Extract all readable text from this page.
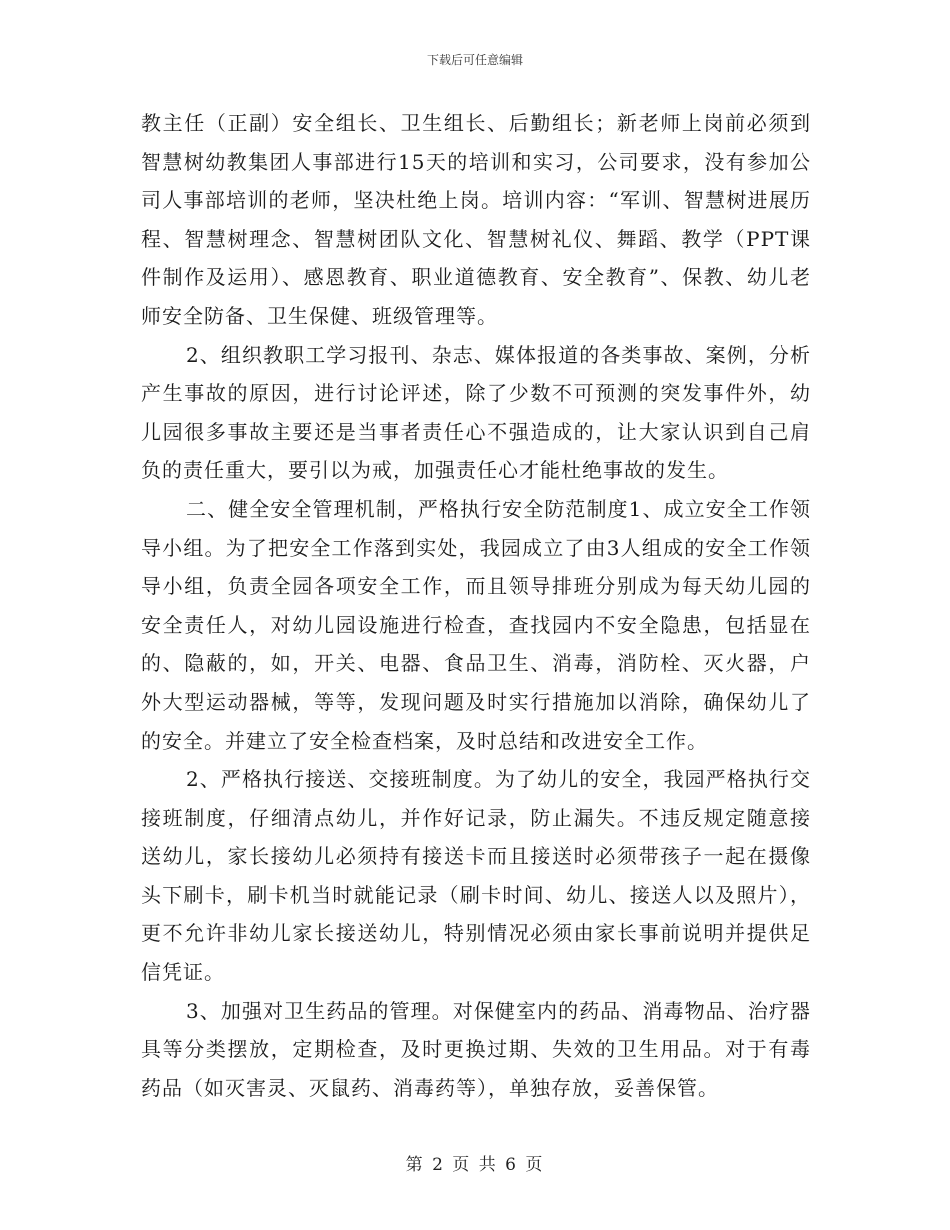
下载后可任意编辑

教主任（正副）安全组长、卫生组长、后勤组长；新老师上岗前必须到智慧树幼教集团人事部进行15天的培训和实习，公司要求，没有参加公司人事部培训的老师，坚决杜绝上岗。培训内容：“军训、智慧树进展历程、智慧树理念、智慧树团队文化、智慧树礼仪、舞蹈、教学（PPT课件制作及运用）、感恩教育、职业道德教育、安全教育”、保教、幼儿老师安全防备、卫生保健、班级管理等。

2、组织教职工学习报刊、杂志、媒体报道的各类事故、案例，分析产生事故的原因，进行讨论评述，除了少数不可预测的突发事件外，幼儿园很多事故主要还是当事者责任心不强造成的，让大家认识到自己肩负的责任重大，要引以为戒，加强责任心才能杜绝事故的发生。

二、健全安全管理机制，严格执行安全防范制度1、成立安全工作领导小组。为了把安全工作落到实处，我园成立了由3人组成的安全工作领导小组，负责全园各项安全工作，而且领导排班分别成为每天幼儿园的安全责任人，对幼儿园设施进行检查，查找园内不安全隐患，包括显在的、隐蔽的，如，开关、电器、食品卫生、消毒，消防栓、灭火器，户外大型运动器械，等等，发现问题及时实行措施加以消除，确保幼儿了的安全。并建立了安全检查档案，及时总结和改进安全工作。

2、严格执行接送、交接班制度。为了幼儿的安全，我园严格执行交接班制度，仔细清点幼儿，并作好记录，防止漏失。不违反规定随意接送幼儿，家长接幼儿必须持有接送卡而且接送时必须带孩子一起在摄像头下刷卡，刷卡机当时就能记录（刷卡时间、幼儿、接送人以及照片），更不允许非幼儿家长接送幼儿，特别情况必须由家长事前说明并提供足信凭证。

3、加强对卫生药品的管理。对保健室内的药品、消毒物品、治疗器具等分类摆放，定期检查，及时更换过期、失效的卫生用品。对于有毒药品（如灭害灵、灭鼠药、消毒药等），单独存放，妥善保管。

第 2 页 共 6 页
